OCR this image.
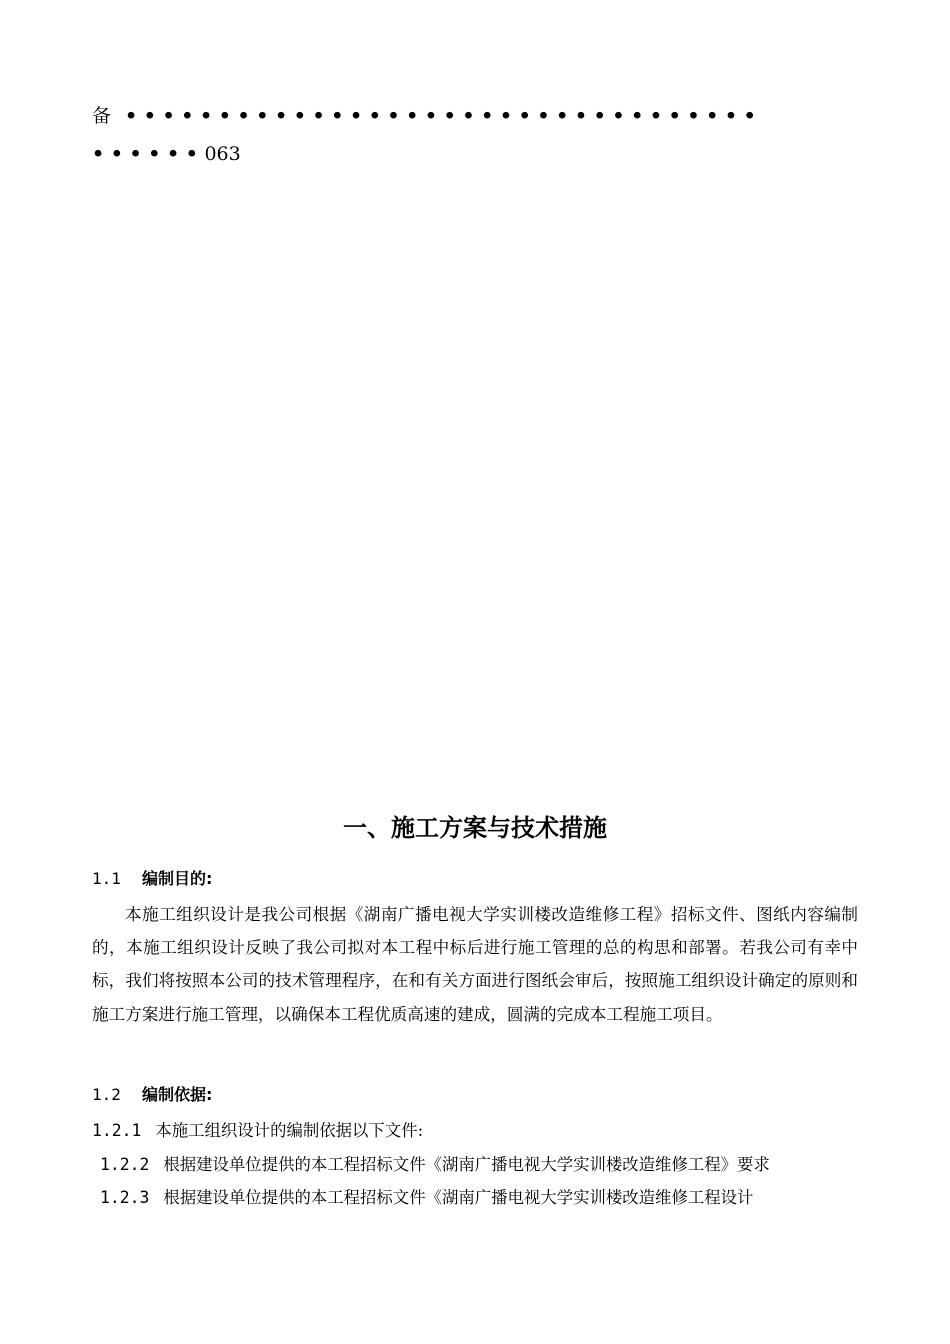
备 ••••••••••••••••••••••••••••••••••
••••••063
一、施工方案与技术措施
1.1 编制目的:
本施工组织设计是我公司根据《湖南广播电视大学实训楼改造维修工程》招标文件、图纸内容编制的，本施工组织设计反映了我公司拟对本工程中标后进行施工管理的总的构思和部署。若我公司有幸中标，我们将按照本公司的技术管理程序，在和有关方面进行图纸会审后，按照施工组织设计确定的原则和施工方案进行施工管理，以确保本工程优质高速的建成，圆满的完成本工程施工项目。
1.2 编制依据:
1.2.1 本施工组织设计的编制依据以下文件:
1.2.2 根据建设单位提供的本工程招标文件《湖南广播电视大学实训楼改造维修工程》要求
1.2.3 根据建设单位提供的本工程招标文件《湖南广播电视大学实训楼改造维修工程设计
